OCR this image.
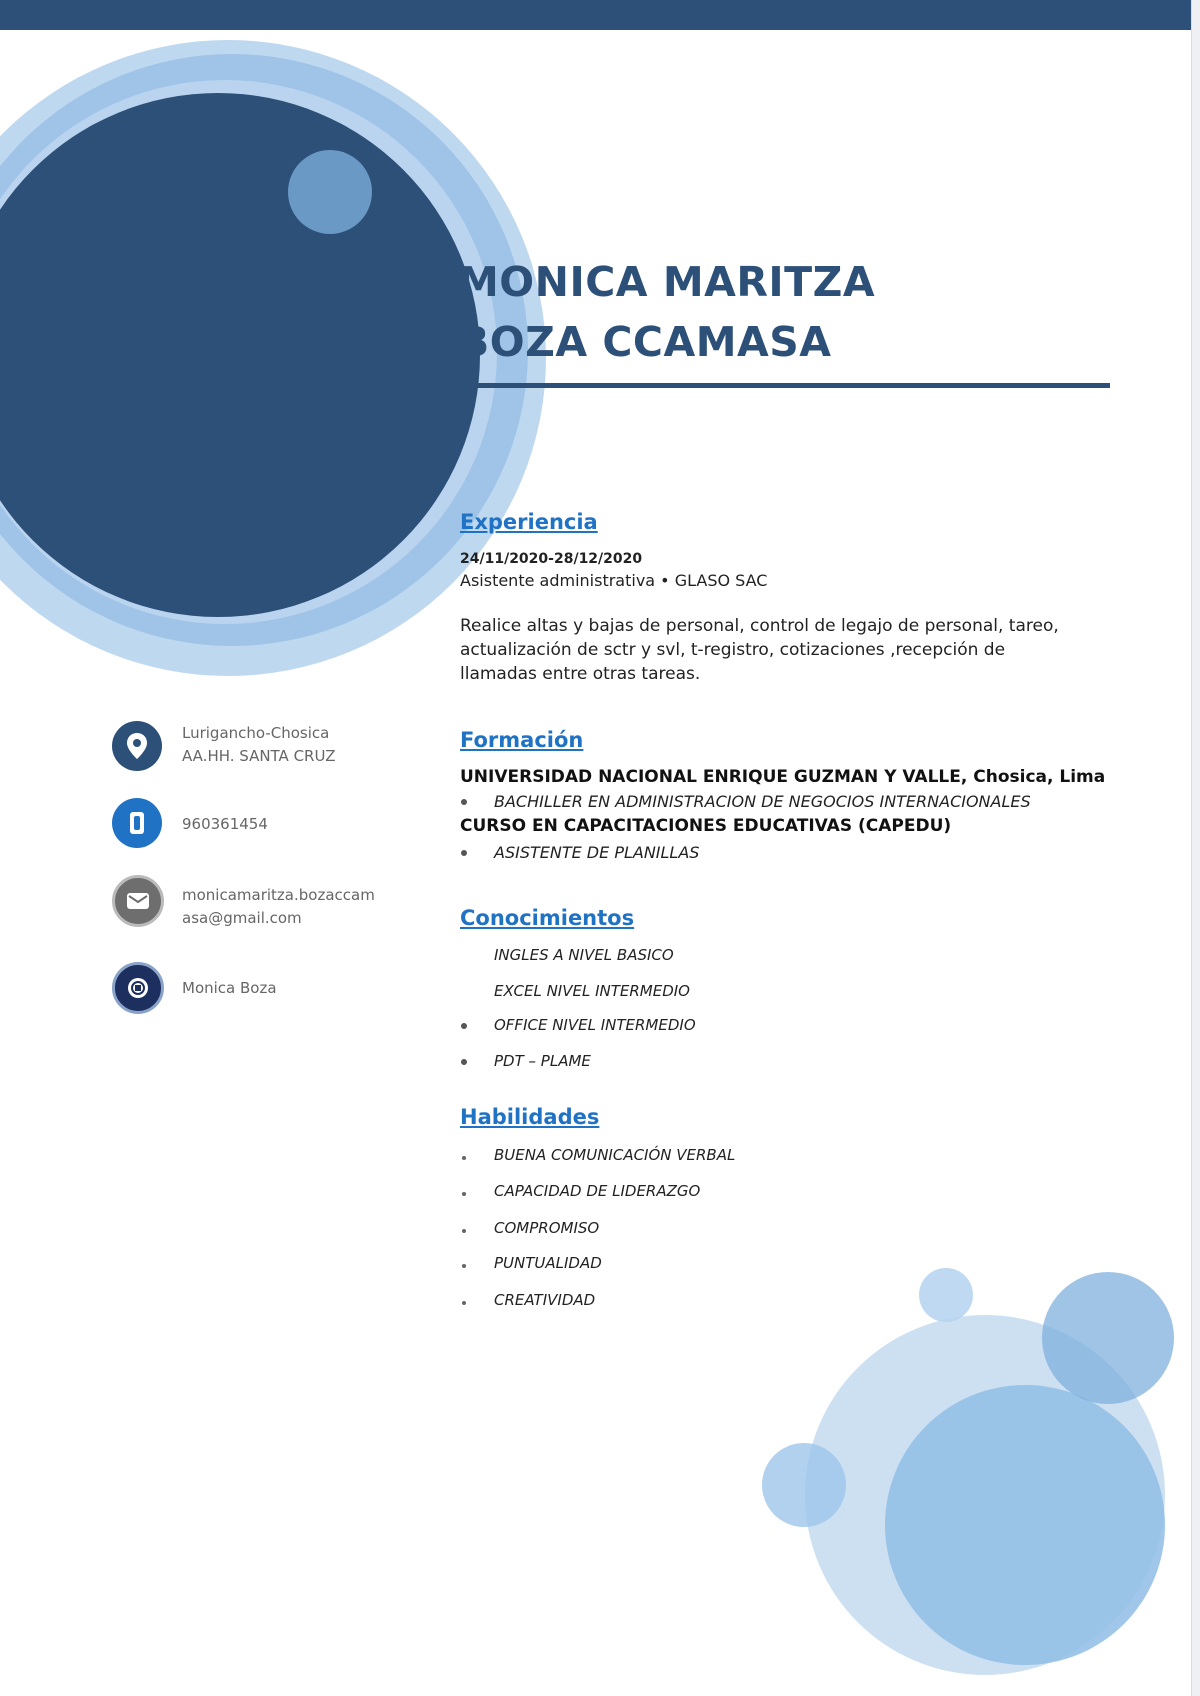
MONICA MARITZA
BOZA CCAMASA
Experiencia

24/11/2020-28/12/2020

Asistente administrativa • GLASO SAC

Realice altas y bajas de personal, control de legajo de personal, tareo,

actualización de sctr y svl, t-registro, cotizaciones ,recepción de

llamadas entre otras tareas.

Formación

UNIVERSIDAD NACIONAL ENRIQUE GUZMAN Y VALLE, Chosica, Lima

BACHILLER EN ADMINISTRACION DE NEGOCIOS INTERNACIONALES

CURSO EN CAPACITACIONES EDUCATIVAS (CAPEDU)

ASISTENTE DE PLANILLAS

Conocimientos

INGLES A NIVEL BASICO

EXCEL NIVEL INTERMEDIO

OFFICE NIVEL INTERMEDIO

PDT – PLAME

Habilidades

BUENA COMUNICACIÓN VERBAL

CAPACIDAD DE LIDERAZGO

COMPROMISO

PUNTUALIDAD

CREATIVIDAD

Lurigancho-Chosica

AA.HH. SANTA CRUZ

960361454

monicamaritza.bozaccam

asa@gmail.com

Monica Boza
